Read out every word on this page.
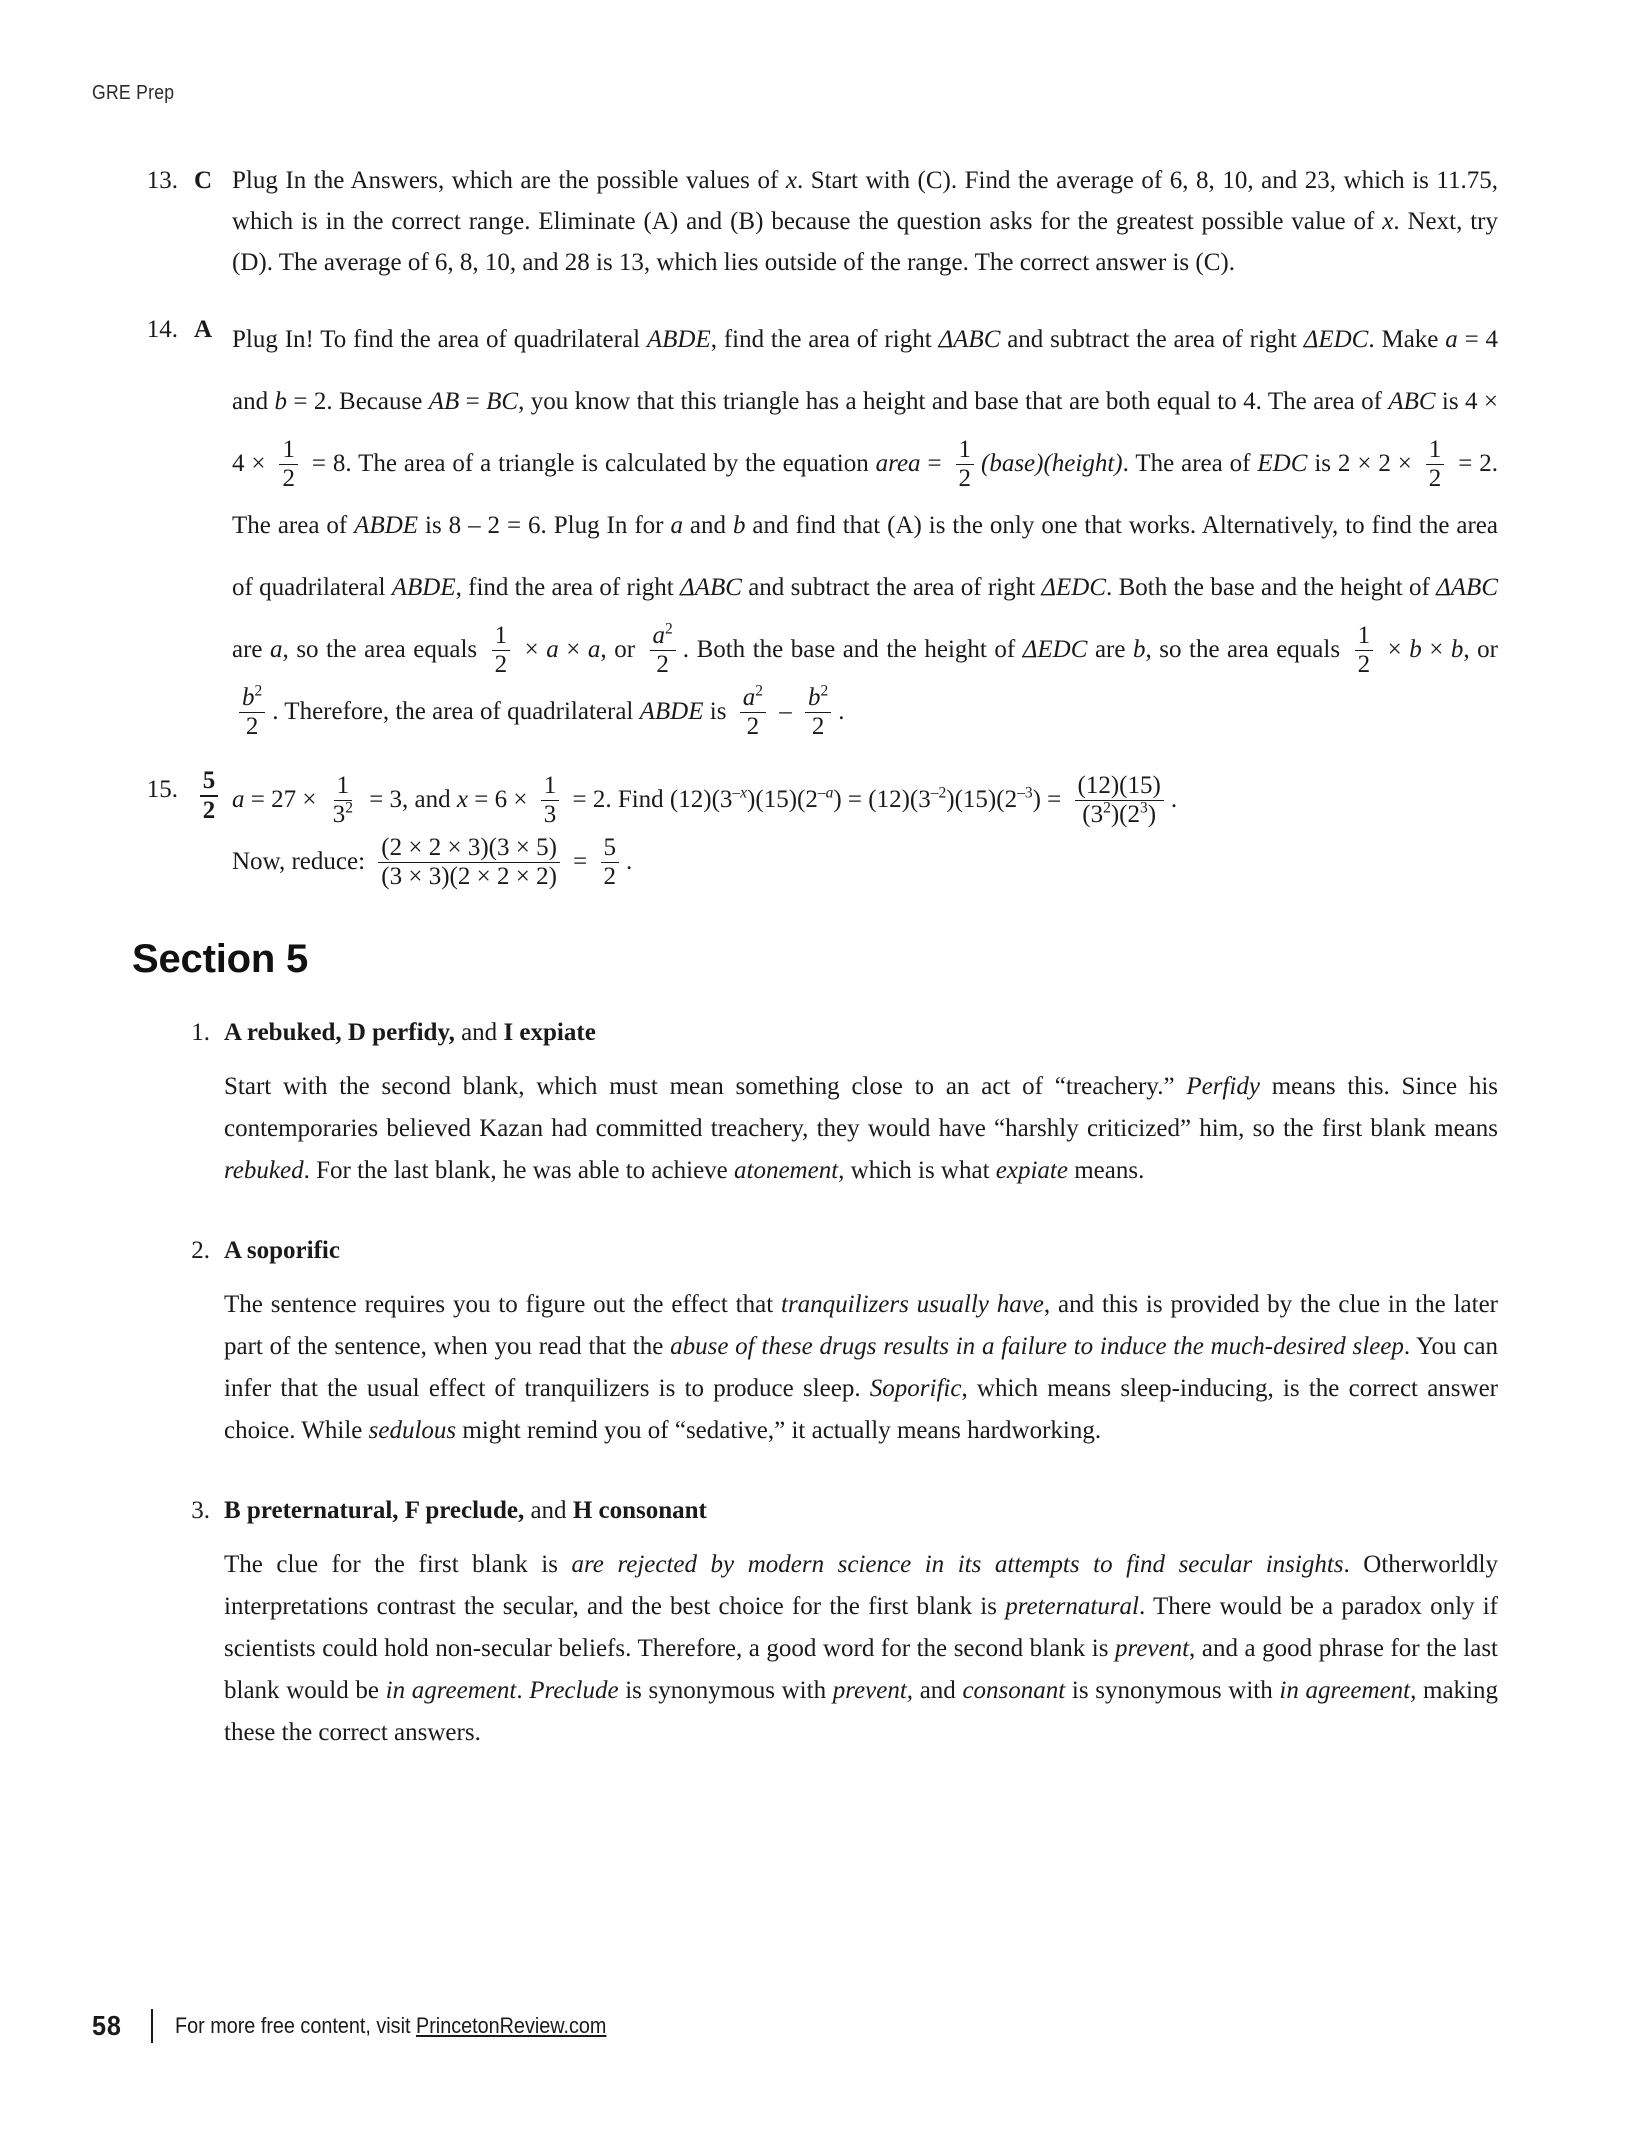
GRE Prep
13. C Plug In the Answers, which are the possible values of x. Start with (C). Find the average of 6, 8, 10, and 23, which is 11.75, which is in the correct range. Eliminate (A) and (B) because the question asks for the greatest possible value of x. Next, try (D). The average of 6, 8, 10, and 28 is 13, which lies outside of the range. The correct answer is (C).
14. A Plug In! To find the area of quadrilateral ABDE, find the area of right ΔABC and subtract the area of right ΔEDC. Make a = 4 and b = 2. Because AB = BC, you know that this triangle has a height and base that are both equal to 4. The area of ABC is $4 \times 4 \times \frac{1}{2} = 8$. The area of a triangle is calculated by the equation area = $\frac{1}{2}$ (base)(height). The area of EDC is $2 \times 2 \times \frac{1}{2} = 2$. The area of ABDE is 8 – 2 = 6. Plug In for a and b and find that (A) is the only one that works. Alternatively, to find the area of quadrilateral ABDE, find the area of right ΔABC and subtract the area of right ΔEDC. Both the base and the height of ΔABC are a, so the area equals $\frac{1}{2} \times a \times a$, or $\frac{a^2}{2}$ . Both the base and the height of ΔEDC are b, so the area equals $\frac{1}{2} \times b \times b$, or
$\frac{b^2}{2}$ . Therefore, the area of quadrilateral ABDE is $\frac{a^2}{2} - \frac{b^2}{2}$ .
15. $\frac{5}{2}$ $a = 27 \times \frac{1}{3^2} = 3$, and $x = 6 \times \frac{1}{3} = 2$. Find $(12)(3^{-x})(15)(2^{-a}) = (12)(3^{-2})(15)(2^{-3}) = \frac{(12)(15)}{(3^2)(2^3)}$ .
Now, reduce: $\frac{(2 \times 2 \times 3)(3 \times 5)}{(3 \times 3)(2 \times 2 \times 2)} = \frac{5}{2}$ .
Section 5
1. A rebuked, D perfidy, and I expiate

Start with the second blank, which must mean something close to an act of “treachery.” Perfidy means this. Since his contemporaries believed Kazan had committed treachery, they would have “harshly criticized” him, so the first blank means rebuked. For the last blank, he was able to achieve atonement, which is what expiate means.

2. A soporific

The sentence requires you to figure out the effect that tranquilizers usually have, and this is provided by the clue in the later part of the sentence, when you read that the abuse of these drugs results in a failure to induce the much-desired sleep. You can infer that the usual effect of tranquilizers is to produce sleep. Soporific, which means sleep-inducing, is the correct answer choice. While sedulous might remind you of “sedative,” it actually means hardworking.

3. B preternatural, F preclude, and H consonant

The clue for the first blank is are rejected by modern science in its attempts to find secular insights. Otherworldly interpretations contrast the secular, and the best choice for the first blank is preternatural. There would be a paradox only if scientists could hold non-secular beliefs. Therefore, a good word for the second blank is prevent, and a good phrase for the last blank would be in agreement. Preclude is synonymous with prevent, and consonant is synonymous with in agreement, making these the correct answers.

58 For more free content, visit PrincetonReview.com
